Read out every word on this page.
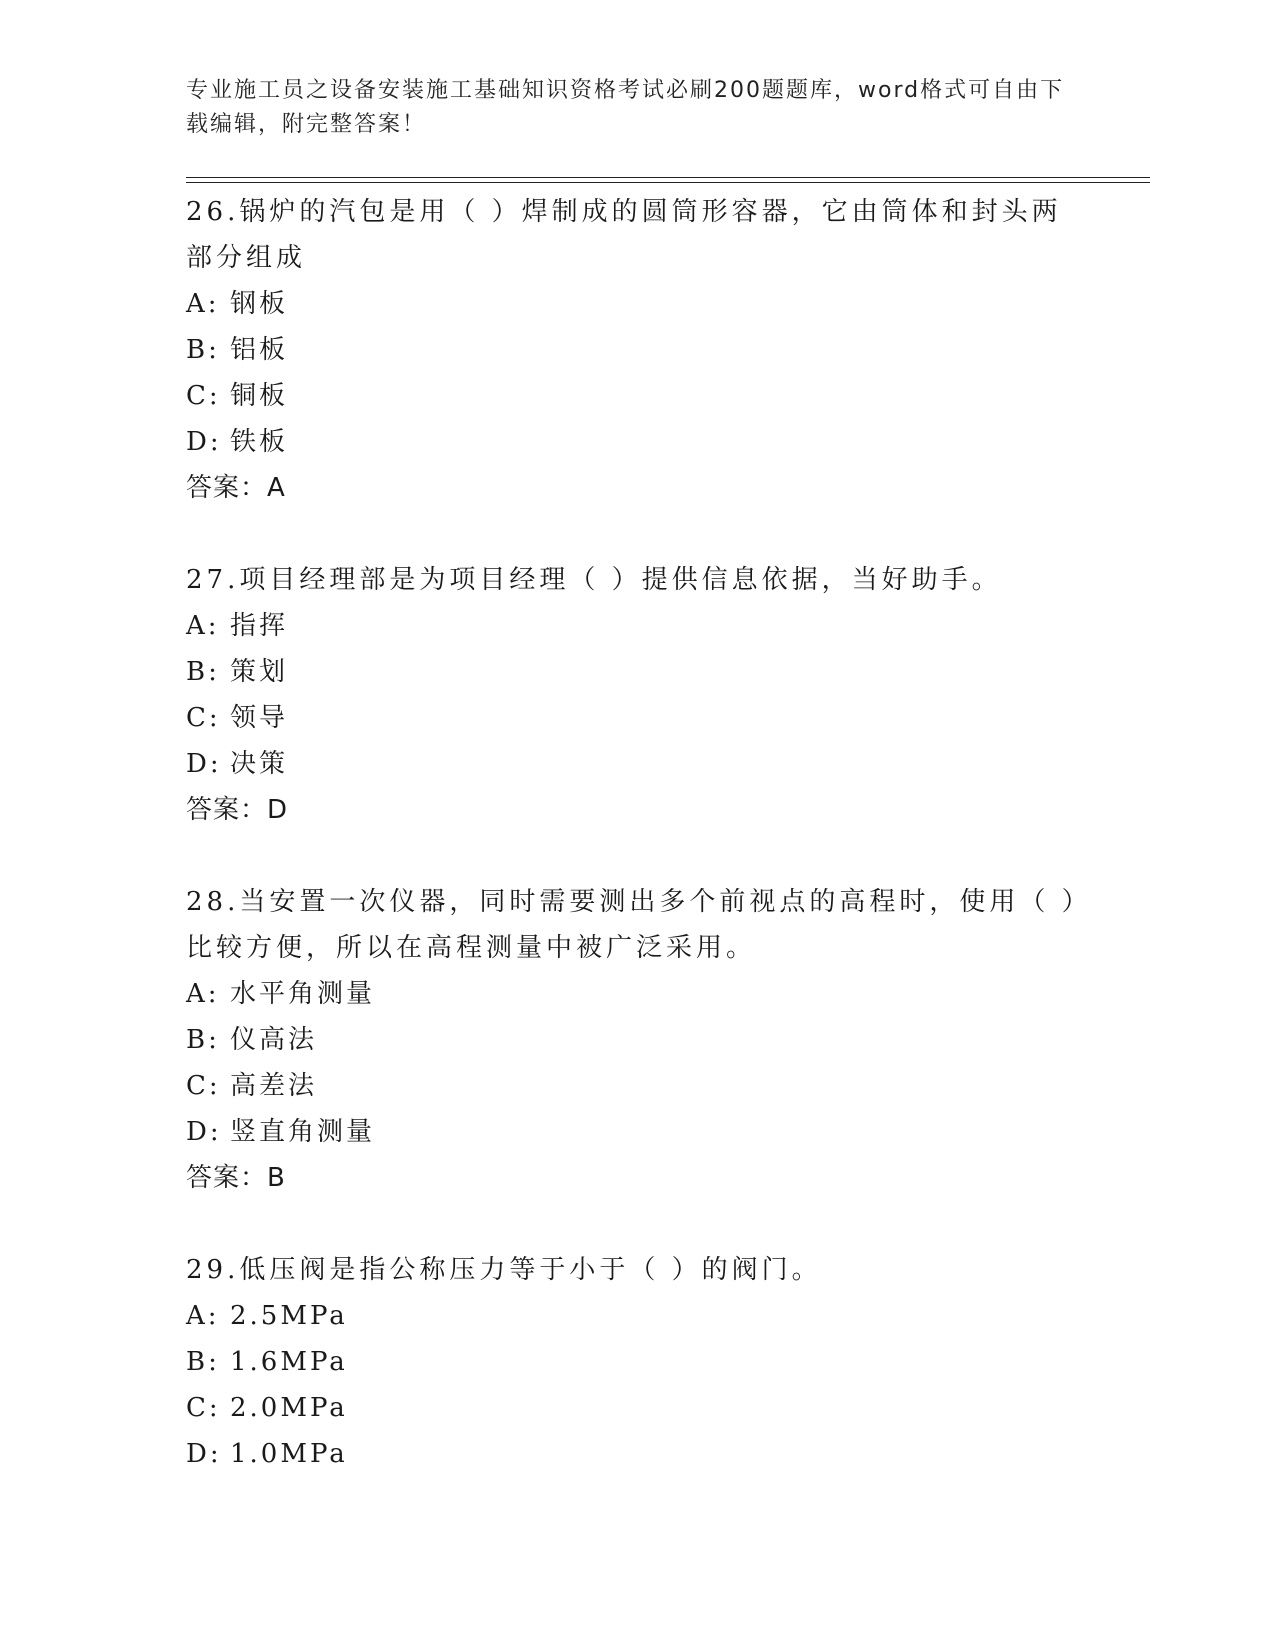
专业施工员之设备安装施工基础知识资格考试必刷200题题库，word格式可自由下载编辑，附完整答案！
26.锅炉的汽包是用（ ）焊制成的圆筒形容器，它由筒体和封头两部分组成
A: 钢板
B: 铝板
C: 铜板
D: 铁板
答案：A
27.项目经理部是为项目经理（ ）提供信息依据，当好助手。
A: 指挥
B: 策划
C: 领导
D: 决策
答案：D
28.当安置一次仪器，同时需要测出多个前视点的高程时，使用（ ）比较方便，所以在高程测量中被广泛采用。
A: 水平角测量
B: 仪高法
C: 高差法
D: 竖直角测量
答案：B
29.低压阀是指公称压力等于小于（ ）的阀门。
A: 2.5MPa
B: 1.6MPa
C: 2.0MPa
D: 1.0MPa
